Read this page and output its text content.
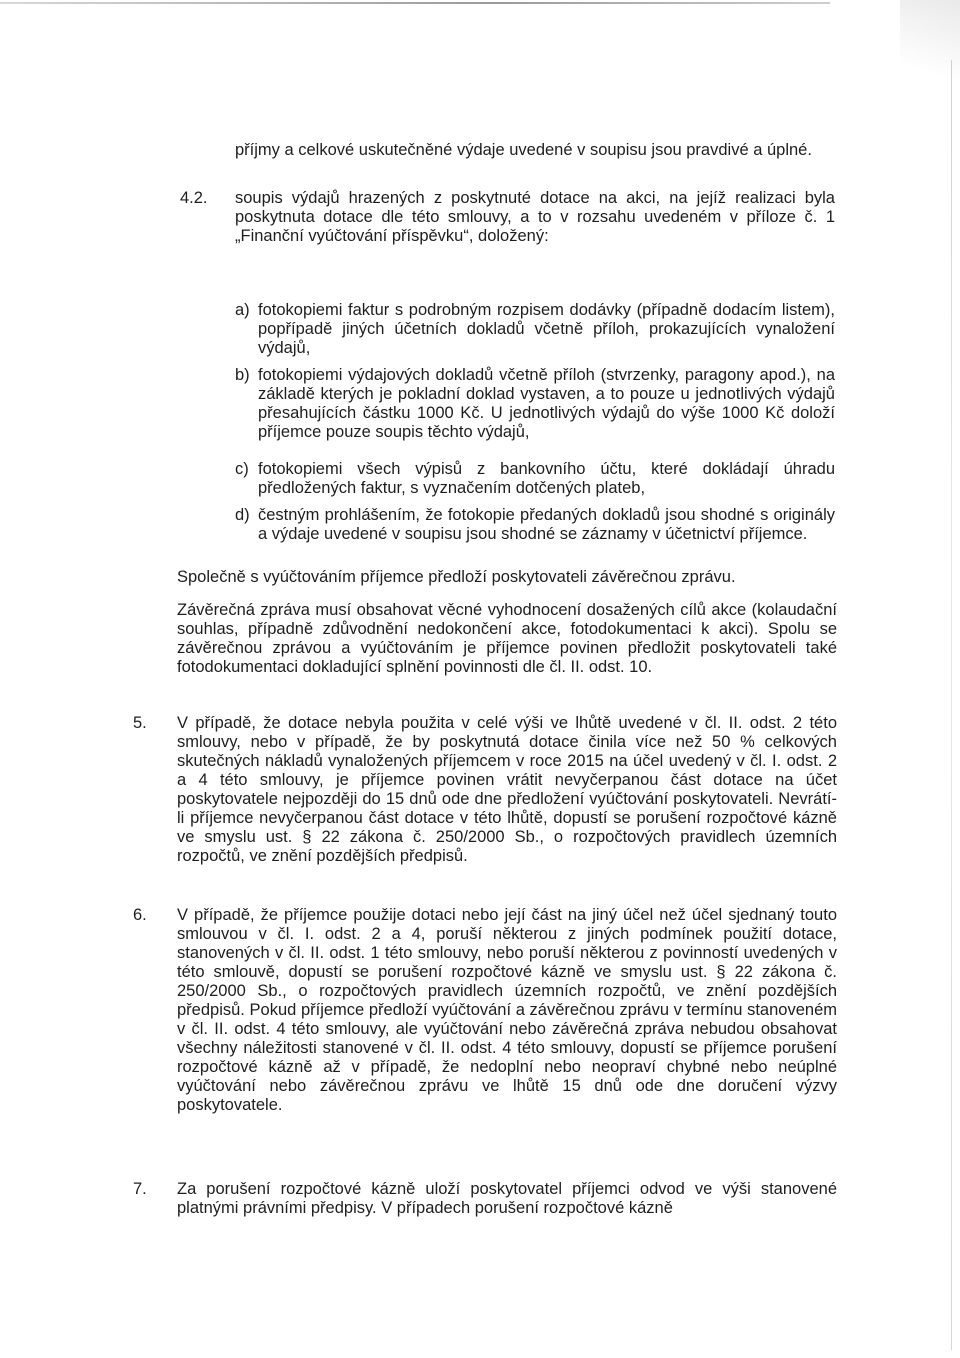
příjmy a celkové uskutečněné výdaje uvedené v soupisu jsou pravdivé a úplné.

4.2. soupis výdajů hrazených z poskytnuté dotace na akci, na jejíž realizaci byla poskytnuta dotace dle této smlouvy, a to v rozsahu uvedeném v příloze č. 1 „Finanční vyúčtování příspěvku“, doložený:

a) fotokopiemi faktur s podrobným rozpisem dodávky (případně dodacím listem), popřípadě jiných účetních dokladů včetně příloh, prokazujících vynaložení výdajů,

b) fotokopiemi výdajových dokladů včetně příloh (stvrzenky, paragony apod.), na základě kterých je pokladní doklad vystaven, a to pouze u jednotlivých výdajů přesahujících částku 1000 Kč. U jednotlivých výdajů do výše 1000 Kč doloží příjemce pouze soupis těchto výdajů,

c) fotokopiemi všech výpisů z bankovního účtu, které dokládají úhradu předložených faktur, s vyznačením dotčených plateb,

d) čestným prohlášením, že fotokopie předaných dokladů jsou shodné s originály a výdaje uvedené v soupisu jsou shodné se záznamy v účetnictví příjemce.

Společně s vyúčtováním příjemce předloží poskytovateli závěrečnou zprávu.

Závěrečná zpráva musí obsahovat věcné vyhodnocení dosažených cílů akce (kolaudační souhlas, případně zdůvodnění nedokončení akce, fotodokumentaci k akci). Spolu se závěrečnou zprávou a vyúčtováním je příjemce povinen předložit poskytovateli také fotodokumentaci dokladující splnění povinnosti dle čl. II. odst. 10.

5. V případě, že dotace nebyla použita v celé výši ve lhůtě uvedené v čl. II. odst. 2 této smlouvy, nebo v případě, že by poskytnutá dotace činila více než 50 % celkových skutečných nákladů vynaložených příjemcem v roce 2015 na účel uvedený v čl. I. odst. 2 a 4 této smlouvy, je příjemce povinen vrátit nevyčerpanou část dotace na účet poskytovatele nejpozději do 15 dnů ode dne předložení vyúčtování poskytovateli. Nevrátí-li příjemce nevyčerpanou část dotace v této lhůtě, dopustí se porušení rozpočtové kázně ve smyslu ust. § 22 zákona č. 250/2000 Sb., o rozpočtových pravidlech územních rozpočtů, ve znění pozdějších předpisů.

6. V případě, že příjemce použije dotaci nebo její část na jiný účel než účel sjednaný touto smlouvou v čl. I. odst. 2 a 4, poruší některou z jiných podmínek použití dotace, stanovených v čl. II. odst. 1 této smlouvy, nebo poruší některou z povinností uvedených v této smlouvě, dopustí se porušení rozpočtové kázně ve smyslu ust. § 22 zákona č. 250/2000 Sb., o rozpočtových pravidlech územních rozpočtů, ve znění pozdějších předpisů. Pokud příjemce předloží vyúčtování a závěrečnou zprávu v termínu stanoveném v čl. II. odst. 4 této smlouvy, ale vyúčtování nebo závěrečná zpráva nebudou obsahovat všechny náležitosti stanovené v čl. II. odst. 4 této smlouvy, dopustí se příjemce porušení rozpočtové kázně až v případě, že nedoplní nebo neopraví chybné nebo neúplné vyúčtování nebo závěrečnou zprávu ve lhůtě 15 dnů ode dne doručení výzvy poskytovatele.

7. Za porušení rozpočtové kázně uloží poskytovatel příjemci odvod ve výši stanovené platnými právními předpisy. V případech porušení rozpočtové kázně
